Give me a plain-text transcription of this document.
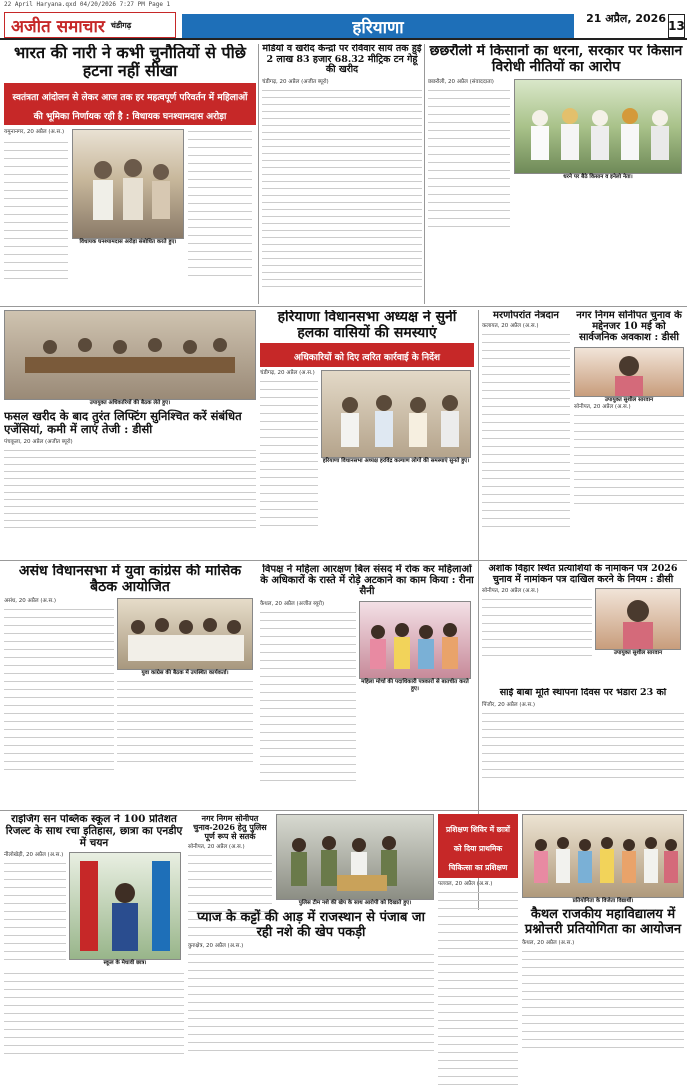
22 April Haryana.qxd 04/20/2026 7:27 PM Page 1
अजीत समाचार चंडीगढ़	हरियाणा	21 अप्रैल, 2026
13
भारत की नारी ने कभी चुनौतियों से पीछे हटना नहीं सीखा
स्वतंत्रता आंदोलन से लेकर आज तक हर महत्वपूर्ण परिवर्तन में महिलाओं की भूमिका निर्णायक रही है : विधायक घनश्यामदास अरोड़ा

यमुनानगर, 20 अप्रैल (अ.स.)

विधायक घनश्यामदास अरोड़ा संबोधित करते हुए।

मंडियों व खरीद केन्द्रों पर रविवार सायं तक हुई 2 लाख 83 हजार 68.32 मीट्रिक टन गेहूं की खरीद

चंडीगढ़, 20 अप्रैल (अजीत ब्यूरो)

छछरौली में किसानों का धरना, सरकार पर किसान विरोधी नीतियों का आरोप

छछरौली, 20 अप्रैल (संवाददाता)

धरने पर बैठे किसान व इनेलो नेता।

उपायुक्त अधिकारियों की बैठक लेते हुए।

फसल खरीद के बाद तुरंत लिफ्टिंग सुनिश्चित करें संबंधित एजेंसियां, कमी में लाएं तेजी : डीसी

पंचकूला, 20 अप्रैल (अजीत ब्यूरो)

हरियाणा विधानसभा अध्यक्ष ने सुनीं हलका वासियों की समस्याएं
अधिकारियों को दिए त्वरित कार्रवाई के निर्देश

चंडीगढ़, 20 अप्रैल (अ.स.)

हरियाणा विधानसभा अध्यक्ष हरविंद्र कल्याण लोगों की समस्याएं सुनते हुए।

मरणोपरांत नेत्रदान

कलायत, 20 अप्रैल (अ.स.)

नगर निगम सोनीपत चुनाव के मद्देनजर 10 मई को सार्वजनिक अवकाश : डीसी

उपायुक्त सुशील सारवान

सोनीपत, 20 अप्रैल (अ.स.)

असंध विधानसभा में युवा कांग्रेस की मासिक बैठक आयोजित

असंध, 20 अप्रैल (अ.स.)

युवा कांग्रेस की बैठक में उपस्थित कार्यकर्ता।

विपक्ष ने महिला आरक्षण बिल संसद में रोक कर महिलाओं के अधिकारों के रास्ते में रोड़े अटकाने का काम किया : रीना सैनी

कैथल, 20 अप्रैल (अजीत ब्यूरो)

महिला मोर्चा की पदाधिकारी पत्रकारों से बातचीत करते हुए।

अशोक विहार स्थित प्रत्याशियों के नामांकन पत्र 2026 चुनाव में नामांकन पत्र दाखिल करने के नियम : डीसी

सोनीपत, 20 अप्रैल (अ.स.)

उपायुक्त सुशील सारवान

साईं बाबा मूर्ति स्थापना दिवस पर भंडारा 23 को

पिंजौर, 20 अप्रैल (अ.स.)

राइजिंग सन पब्लिक स्कूल ने 100 प्रतिशत रिजल्ट के साथ रचा इतिहास, छात्रा का एनडीए में चयन

नीलोखेड़ी, 20 अप्रैल (अ.स.)

स्कूल के मेधावी छात्र।

नगर निगम सोनीपत चुनाव-2026 हेतु पुलिस पूर्ण रूप से सतर्क

सोनीपत, 20 अप्रैल (अ.स.)

पुलिस टीम नशे की खेप के साथ आरोपी को दिखाते हुए।

प्याज के कट्टों की आड़ में राजस्थान से पंजाब जा रही नशे की खेप पकड़ी

कुरुक्षेत्र, 20 अप्रैल (अ.स.)

प्रशिक्षण शिविर में छात्रों को दिया प्राथमिक चिकित्सा का प्रशिक्षण

पलवल, 20 अप्रैल (अ.स.)

प्रतियोगिता के विजेता विद्यार्थी।

कैथल राजकीय महाविद्यालय में प्रश्नोत्तरी प्रतियोगिता का आयोजन

कैथल, 20 अप्रैल (अ.स.)
